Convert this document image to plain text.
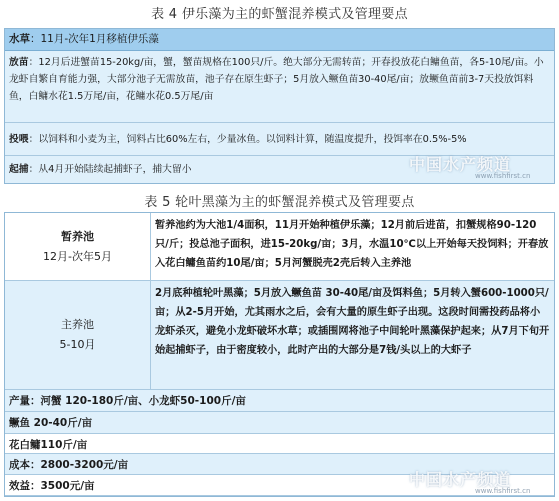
表 4 伊乐藻为主的虾蟹混养模式及管理要点
水草：11月-次年1月移植伊乐藻
放苗：12月后进蟹苗15-20kg/亩，蟹，蟹苗规格在100只/斤。绝大部分无需转苗；开春投放花白鳙鱼苗，各5-10尾/亩。小龙虾自繁自育能力强，大部分池子无需放苗，池子存在原生虾子；5月放入鳜鱼苗30-40尾/亩；放鳜鱼苗前3-7天投放饵料鱼，白鳙水花1.5万尾/亩，花鳙水花0.5万尾/亩
投喂：以饲料和小麦为主，饲料占比60%左右，少量冰鱼。以饲料计算，随温度提升，投饵率在0.5%-5%
起捕：从4月开始陆续起捕虾子，捕大留小	中国水产频道
www.fishfirst.cn
表 5 轮叶黑藻为主的虾蟹混养模式及管理要点
暂养池
12月-次年5月
暂养池约为大池1/4面积，11月开始种植伊乐藻；12月前后进苗，扣蟹规格90-120只/斤；投总池子面积，进15-20kg/亩；3月，水温10℃以上开始每天投饲料；开春放入花白鳙鱼苗约10尾/亩；5月河蟹脱壳2壳后转入主养池
主养池
5-10月
2月底种植轮叶黑藻；5月放入鳜鱼苗 30-40尾/亩及饵料鱼；5月转入蟹600-1000只/亩；从2-5月开始，尤其雨水之后，会有大量的原生虾子出现。这段时间需投药品将小龙虾杀灭，避免小龙虾破坏水草；或插围网将池子中间轮叶黑藻保护起来；从7月下旬开始起捕虾子，由于密度较小，此时产出的大部分是7钱/头以上的大虾子
产量：河蟹 120-180斤/亩、小龙虾50-100斤/亩
鳜鱼 20-40斤/亩
花白鳙110斤/亩
成本：2800-3200元/亩
效益：3500元/亩	中国水产频道
www.fishfirst.cn
